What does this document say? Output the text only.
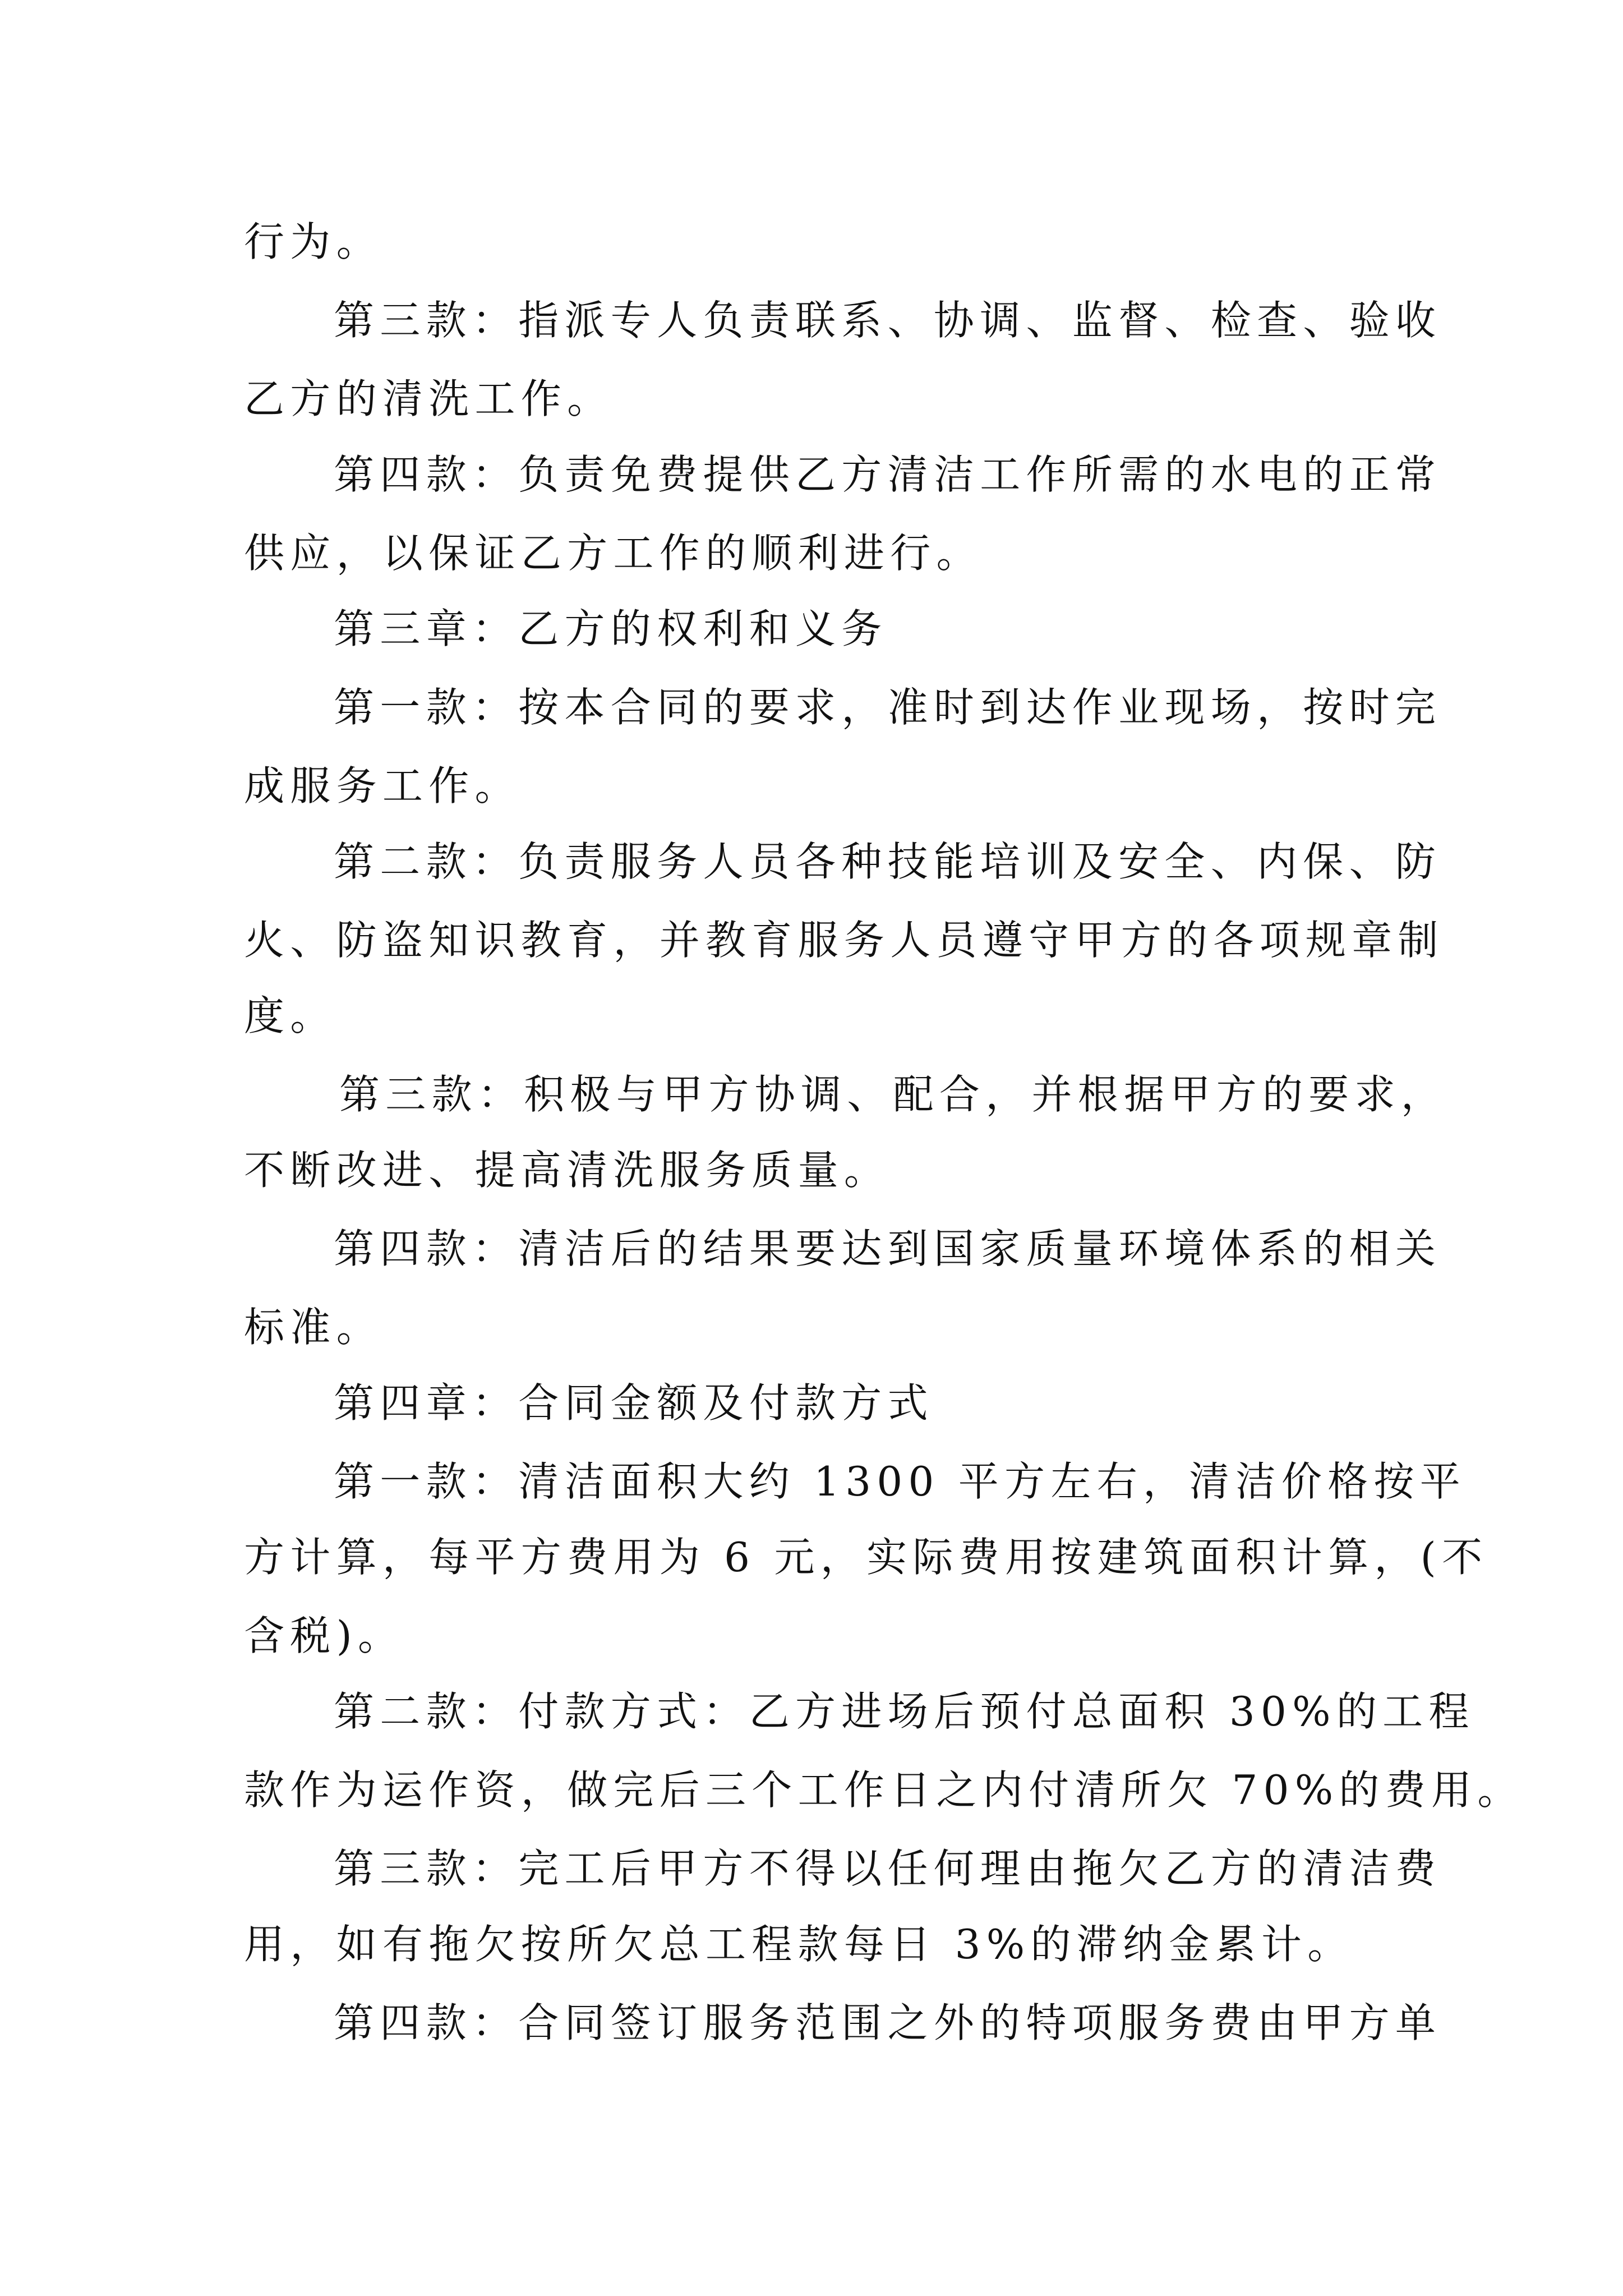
行为。
第三款：指派专人负责联系、协调、监督、检查、验收
乙方的清洗工作。
第四款：负责免费提供乙方清洁工作所需的水电的正常
供应，以保证乙方工作的顺利进行。
第三章：乙方的权利和义务
第一款：按本合同的要求，准时到达作业现场，按时完
成服务工作。
第二款：负责服务人员各种技能培训及安全、内保、防
火、防盗知识教育，并教育服务人员遵守甲方的各项规章制
度。
第三款：积极与甲方协调、配合，并根据甲方的要求，
不断改进、提高清洗服务质量。
第四款：清洁后的结果要达到国家质量环境体系的相关
标准。
第四章：合同金额及付款方式
第一款：清洁面积大约 1300 平方左右，清洁价格按平
方计算，每平方费用为 6 元，实际费用按建筑面积计算，(不
含税)。
第二款：付款方式：乙方进场后预付总面积 30%的工程
款作为运作资，做完后三个工作日之内付清所欠 70%的费用。
第三款：完工后甲方不得以任何理由拖欠乙方的清洁费
用，如有拖欠按所欠总工程款每日 3%的滞纳金累计。
第四款：合同签订服务范围之外的特项服务费由甲方单
